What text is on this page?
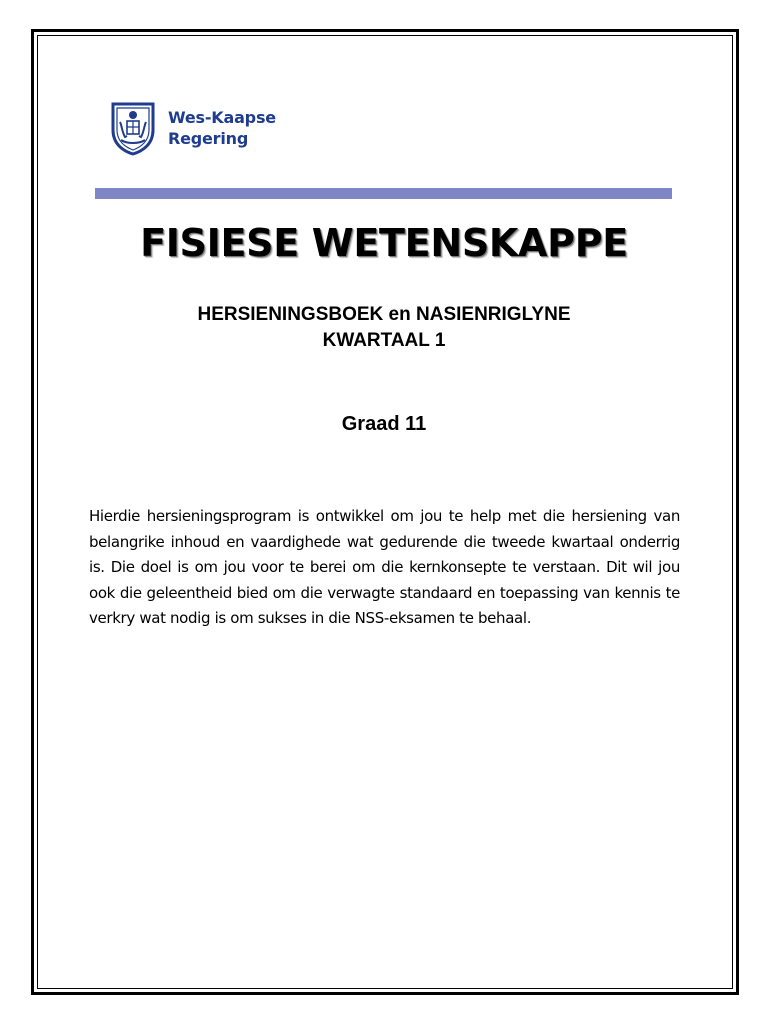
Wes-Kaapse
Regering
FISIESE WETENSKAPPE
HERSIENINGSBOEK en NASIENRIGLYNE
KWARTAAL 1
Graad 11
Hierdie hersieningsprogram is ontwikkel om jou te help met die hersiening van belangrike inhoud en vaardighede wat gedurende die tweede kwartaal onderrig is. Die doel is om jou voor te berei om die kernkonsepte te verstaan. Dit wil jou ook die geleentheid bied om die verwagte standaard en toepassing van kennis te verkry wat nodig is om sukses in die NSS-eksamen te behaal.
